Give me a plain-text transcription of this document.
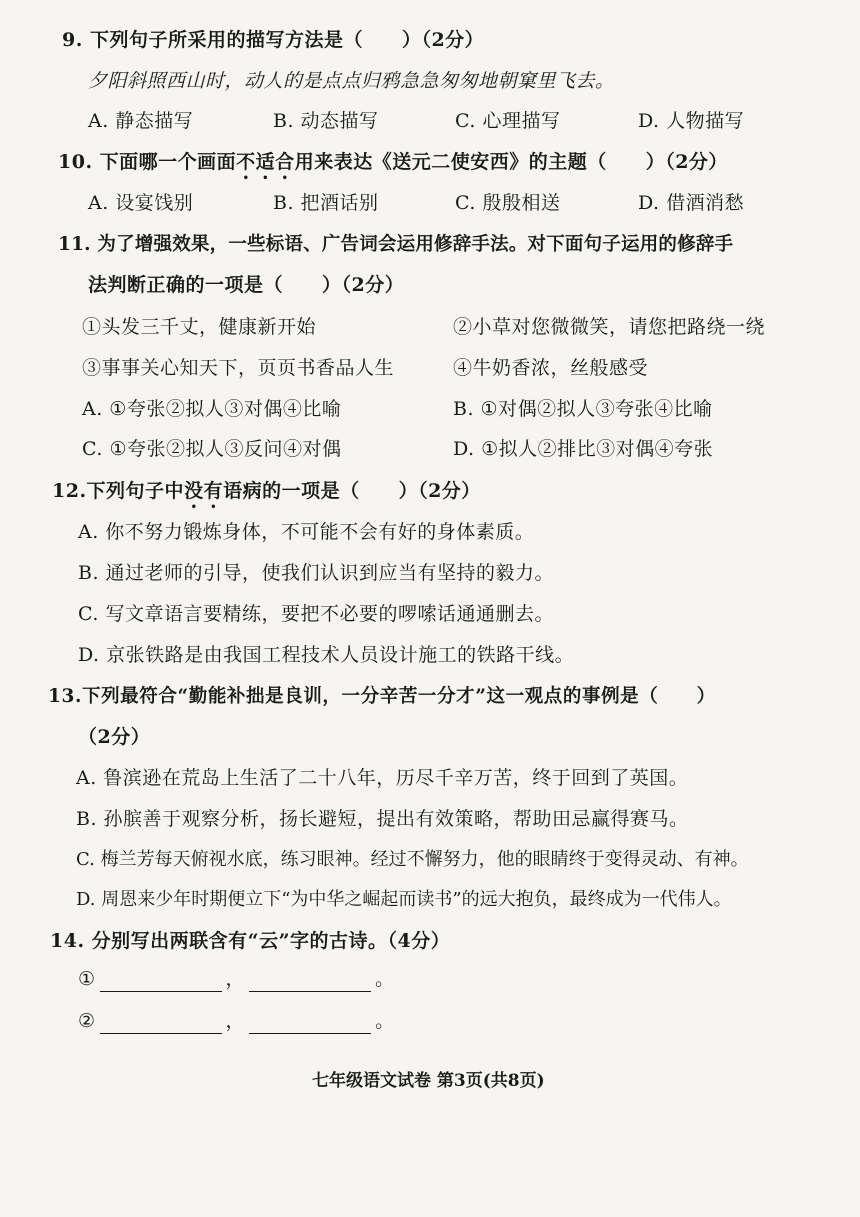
9. 下列句子所采用的描写方法是（　　）（2分）
夕阳斜照西山时，动人的是点点归鸦急急匆匆地朝窠里飞去。
A. 静态描写	B. 动态描写	C. 心理描写	D. 人物描写
10. 下面哪一个画面不适合用来表达《送元二使安西》的主题（　　）（2分）
A. 设宴饯别	B. 把酒话别	C. 殷殷相送	D. 借酒消愁
11. 为了增强效果，一些标语、广告词会运用修辞手法。对下面句子运用的修辞手
法判断正确的一项是（　　）（2分）
①头发三千丈，健康新开始	②小草对您微微笑，请您把路绕一绕
③事事关心知天下，页页书香品人生	④牛奶香浓，丝般感受
A. ①夸张②拟人③对偶④比喻	B. ①对偶②拟人③夸张④比喻
C. ①夸张②拟人③反问④对偶	D. ①拟人②排比③对偶④夸张
12.下列句子中没有语病的一项是（　　）（2分）
A. 你不努力锻炼身体，不可能不会有好的身体素质。
B. 通过老师的引导，使我们认识到应当有坚持的毅力。
C. 写文章语言要精练，要把不必要的啰嗦话通通删去。
D. 京张铁路是由我国工程技术人员设计施工的铁路干线。
13.下列最符合“勤能补拙是良训，一分辛苦一分才”这一观点的事例是（　　）
（2分）
A. 鲁滨逊在荒岛上生活了二十八年，历尽千辛万苦，终于回到了英国。
B. 孙膑善于观察分析，扬长避短，提出有效策略，帮助田忌赢得赛马。
C. 梅兰芳每天俯视水底，练习眼神。经过不懈努力，他的眼睛终于变得灵动、有神。
D. 周恩来少年时期便立下“为中华之崛起而读书”的远大抱负，最终成为一代伟人。
14. 分别写出两联含有“云”字的古诗。（4分）
①	，	。
②	，	。
七年级语文试卷 第3页(共8页)
